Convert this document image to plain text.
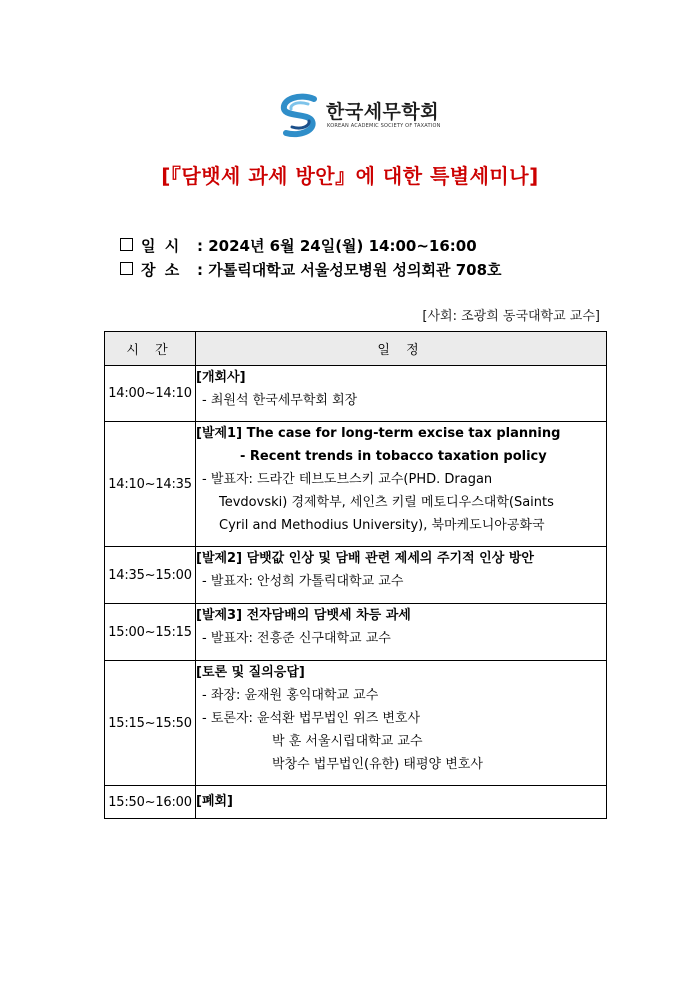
한국세무학회
KOREAN ACADEMIC SOCIETY OF TAXATION
[『담뱃세 과세 방안』에 대한 특별세미나]
일 시 : 2024년 6월 24일(월) 14:00~16:00
장 소 : 가톨릭대학교 서울성모병원 성의회관 708호
[사회: 조광희 동국대학교 교수]
시 간	일 정
14:00~14:10	[개회사]
- 최원석 한국세무학회 회장

14:10~14:35	[발제1] The case for long-term excise tax planning
- Recent trends in tobacco taxation policy
- 발표자: 드라간 테브도브스키 교수(PHD. Dragan
Tevdovski) 경제학부, 세인츠 키릴 메토디우스대학(Saints
Cyril and Methodius University), 북마케도니아공화국

14:35~15:00	[발제2] 담뱃값 인상 및 담배 관련 제세의 주기적 인상 방안
- 발표자: 안성희 가톨릭대학교 교수

15:00~15:15	[발제3] 전자담배의 담뱃세 차등 과세
- 발표자: 전흥준 신구대학교 교수

15:15~15:50	[토론 및 질의응답]
- 좌장: 윤재원 홍익대학교 교수
- 토론자: 윤석환 법무법인 위즈 변호사
박 훈 서울시립대학교 교수
박창수 법무법인(유한) 태평양 변호사

15:50~16:00	[폐회]
